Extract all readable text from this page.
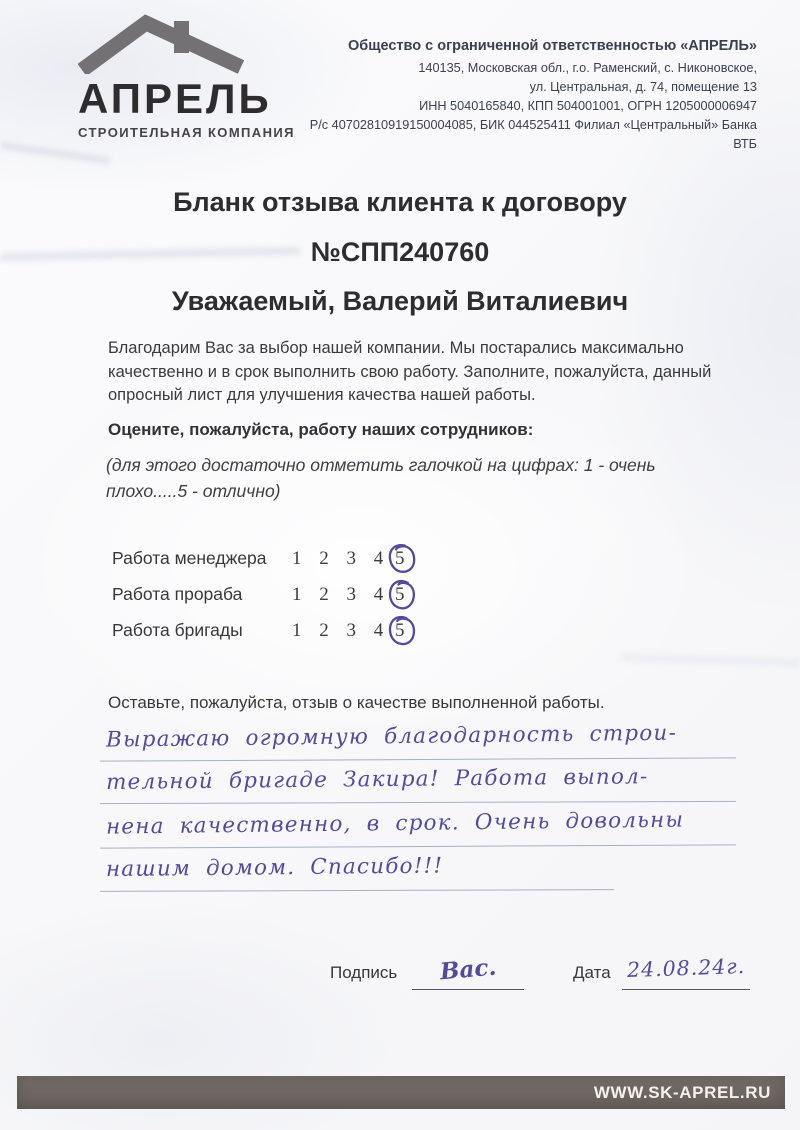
АПРЕЛЬ
СТРОИТЕЛЬНАЯ КОМПАНИЯ
Общество с ограниченной ответственностью «АПРЕЛЬ»
140135, Московская обл., г.о. Раменский, с. Никоновское,
ул. Центральная, д. 74, помещение 13
ИНН 5040165840, КПП 504001001, ОГРН 1205000006947
Р/с 40702810919150004085, БИК 044525411 Филиал «Центральный» Банка ВТБ
Бланк отзыва клиента к договору
№СПП240760
Уважаемый, Валерий Виталиевич
Благодарим Вас за выбор нашей компании. Мы постарались максимально качественно и в срок выполнить свою работу. Заполните, пожалуйста, данный опросный лист для улучшения качества нашей работы.
Оцените, пожалуйста, работу наших сотрудников:
(для этого достаточно отметить галочкой на цифрах: 1 - очень плохо.....5 - отлично)
Работа менеджера 1 2 3 4 5
Работа прораба	1 2 3 4 5
Работа бригады	1 2 3 4 5
Оставьте, пожалуйста, отзыв о качестве выполненной работы.
Выражаю огромную благодарность строи-
тельной бригаде Закира! Работа выпол-
нена качественно, в срок. Очень довольны
нашим домом. Спасибо!!!
Подпись	Вас.	Дата 24.08.24г.
WWW.SK-APREL.RU
